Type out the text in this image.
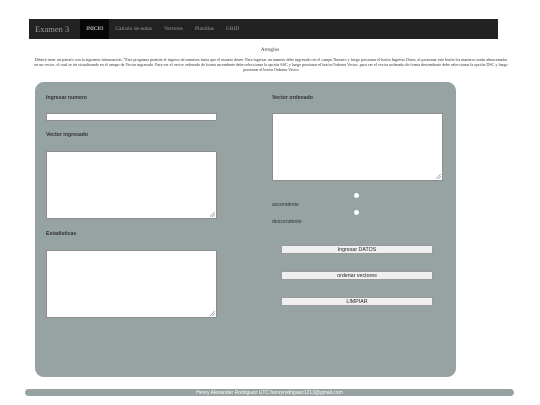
Examen 3	INICIO	Calculo de notas	Vectores	Planillas	GRID
Arreglos
Deberá tener un párrafo con la siguiente información: "Este programa permite el ingreso de numeros hasta que el usuario desee. Para ingresar un numero debe ingresarlo en el campo Numero y luego presionar el botón Ingresar Datos, al presionar este botón los numeros seràn almacenados en un vector, el cual se irà visualizando en el campo de Vector ingresado. Para ver el vector ordenado de forma ascendente debe seleccionar la opción ASC y luego presionar el botón Ordenar Vector, para ver el vector ordenado de forma descendente debe seleccionar la opción DSC y luego presionar el botón Ordenar Vector
Ingresar numero
Vector ingresado
Estadisticas
Vector ordenado
ascendente
descendente
Ingresar DATOS
ordenar vectores
LIMPIAR
Henry Alexander Rodriguez UTC henryrodriguez1213@gmail.com
